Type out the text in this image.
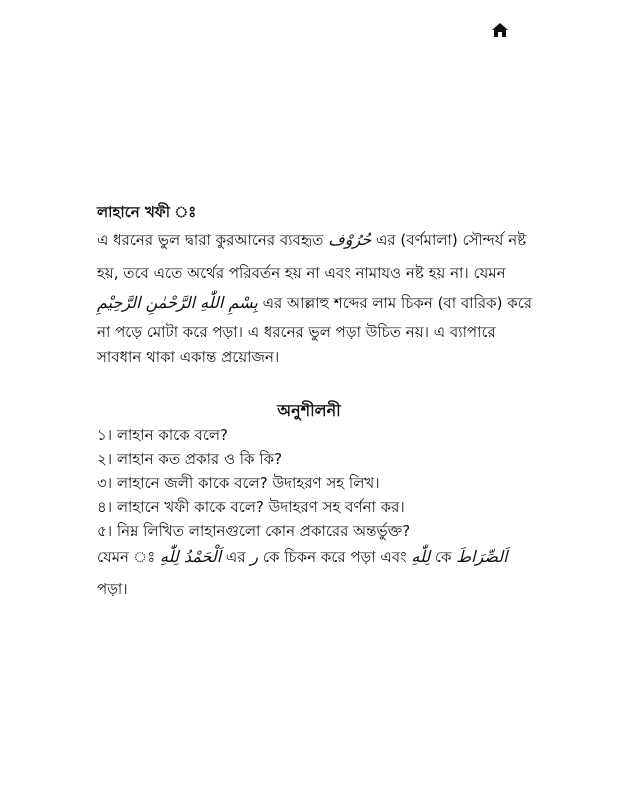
লাহানে খফী ঃ
এ ধরনের ভুল দ্বারা কুরআনের ব্যবহৃত حُرُوْف এর (বর্ণমালা) সৌন্দর্য নষ্ট
হয়, তবে এতে অর্থের পরিবর্তন হয় না এবং নামাযও নষ্ট হয় না। যেমন
بِسْمِ اللّٰهِ الرَّحْمٰنِ الرَّحِيْمِ এর আল্লাহু শব্দের লাম চিকন (বা বারিক) করে
না পড়ে মোটা করে পড়া। এ ধরনের ভুল পড়া উচিত নয়। এ ব্যাপারে
সাবধান থাকা একান্ত প্রয়োজন।
অনুশীলনী
১। লাহান কাকে বলে?
২। লাহান কত প্রকার ও কি কি?
৩। লাহানে জলী কাকে বলে? উদাহরণ সহ লিখ।
৪। লাহানে খফী কাকে বলে? উদাহরণ সহ বর্ণনা কর।
৫। নিম্ন লিখিত লাহানগুলো কোন প্রকারের অন্তর্ভুক্ত?
যেমন ঃ اَلْحَمْدُ لِلّٰهِ এর ر কে চিকন করে পড়া এবং لِلّٰهِ কে اَلصِّرَاطَ
পড়া।
